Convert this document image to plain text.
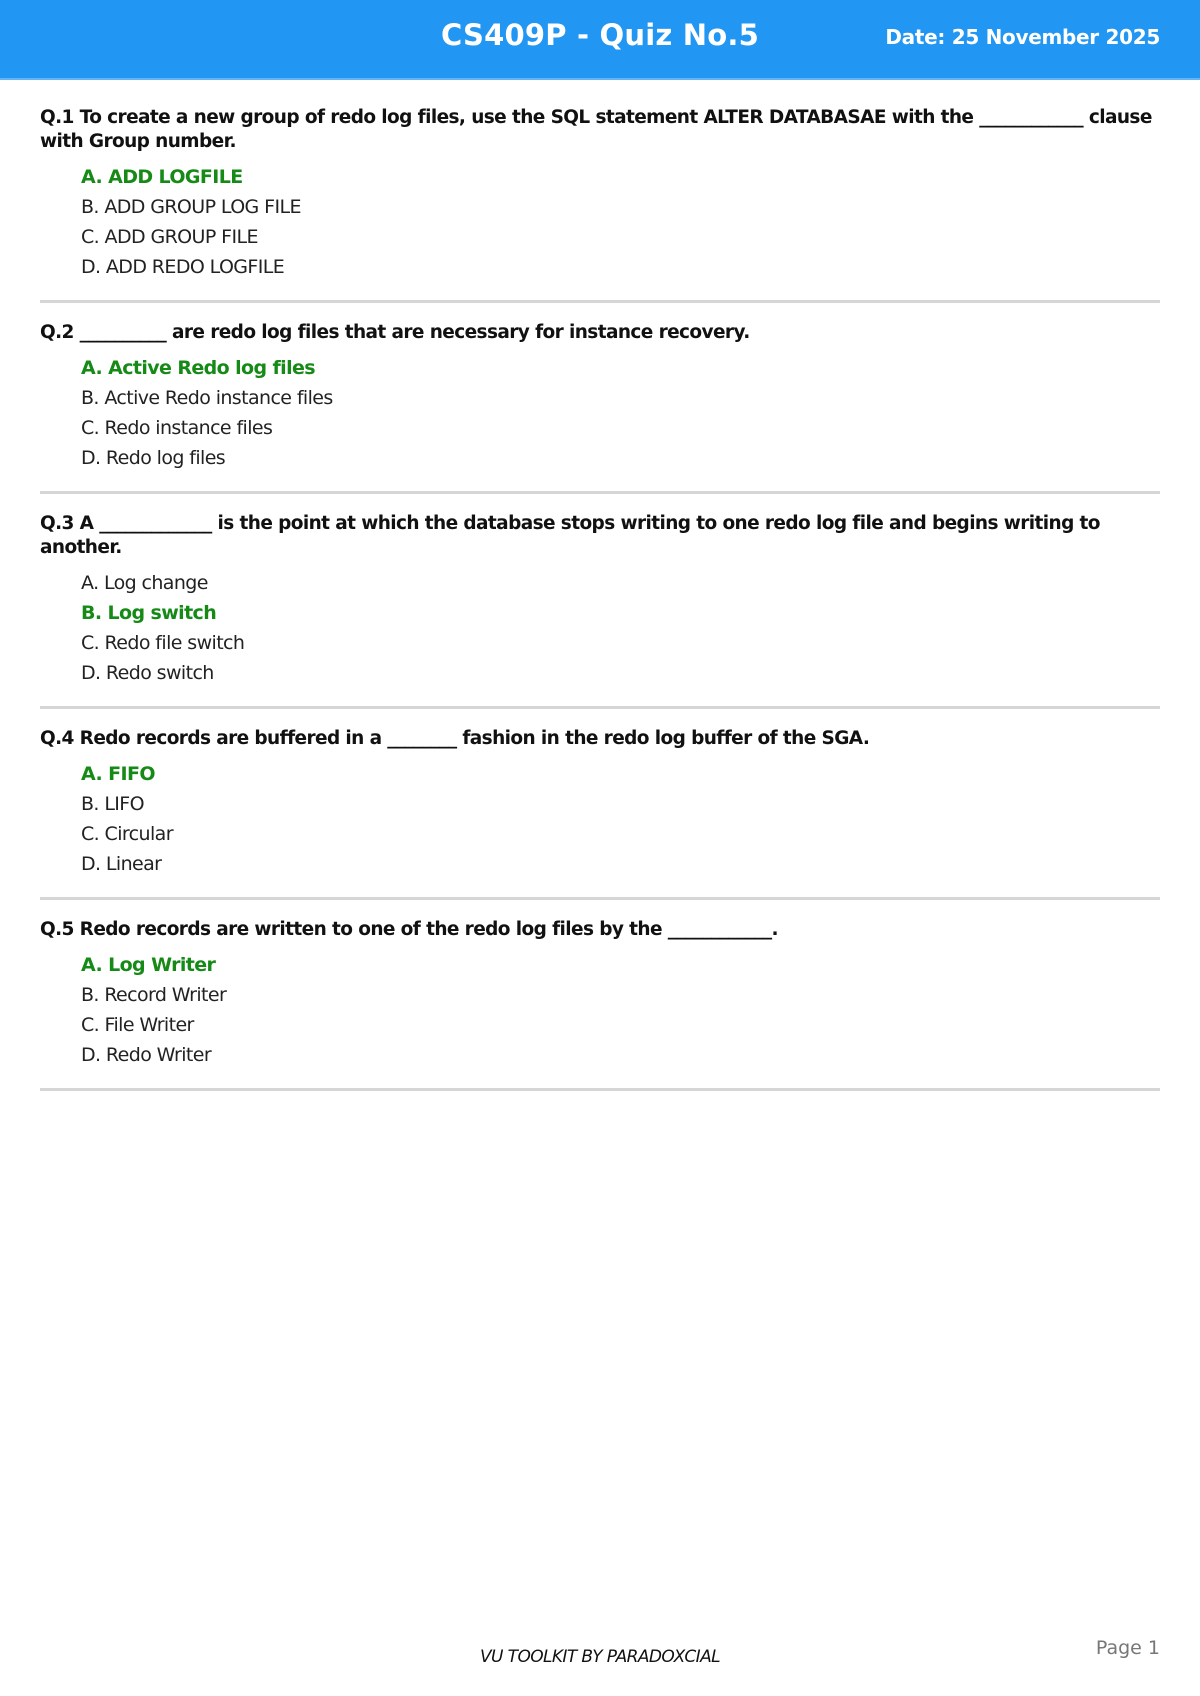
CS409P - Quiz No.5	Date: 25 November 2025

Q.1 To create a new group of redo log files, use the SQL statement ALTER DATABASAE with the ____________ clause with Group number.

A. ADD LOGFILE
B. ADD GROUP LOG FILE
C. ADD GROUP FILE
D. ADD REDO LOGFILE

Q.2 __________ are redo log files that are necessary for instance recovery.

A. Active Redo log files
B. Active Redo instance files
C. Redo instance files
D. Redo log files

Q.3 A _____________ is the point at which the database stops writing to one redo log file and begins writing to another.

A. Log change
B. Log switch
C. Redo file switch
D. Redo switch

Q.4 Redo records are buffered in a ________ fashion in the redo log buffer of the SGA.

A. FIFO
B. LIFO
C. Circular
D. Linear

Q.5 Redo records are written to one of the redo log files by the ____________.

A. Log Writer
B. Record Writer
C. File Writer
D. Redo Writer
VU TOOLKIT BY PARADOXCIAL	Page 1
